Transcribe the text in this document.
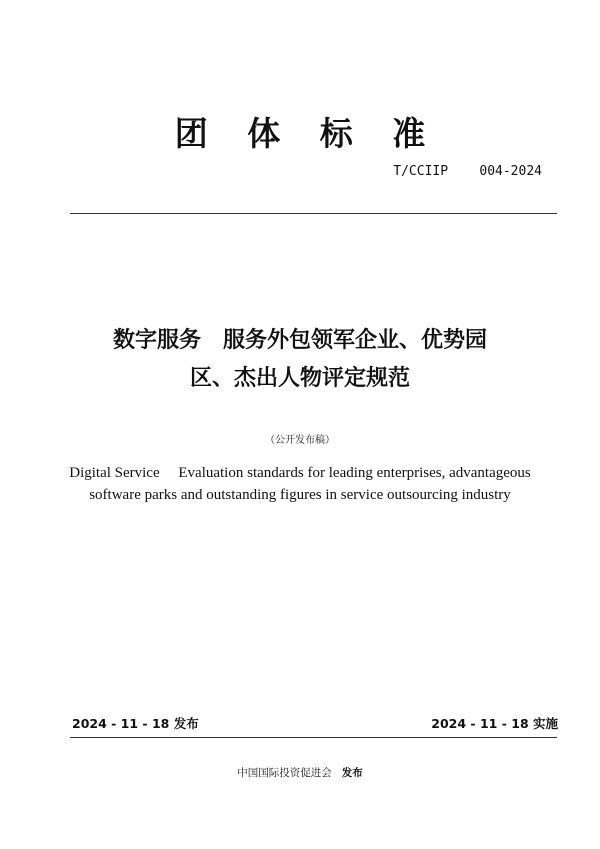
团 体 标 准
T/CCIIP    004-2024
数字服务　服务外包领军企业、优势园
区、杰出人物评定规范
（公开发布稿）
Digital Service     Evaluation standards for leading enterprises, advantageous
software parks and outstanding figures in service outsourcing industry
2024 - 11 - 18 发布	2024 - 11 - 18 实施
中国国际投资促进会 发布
